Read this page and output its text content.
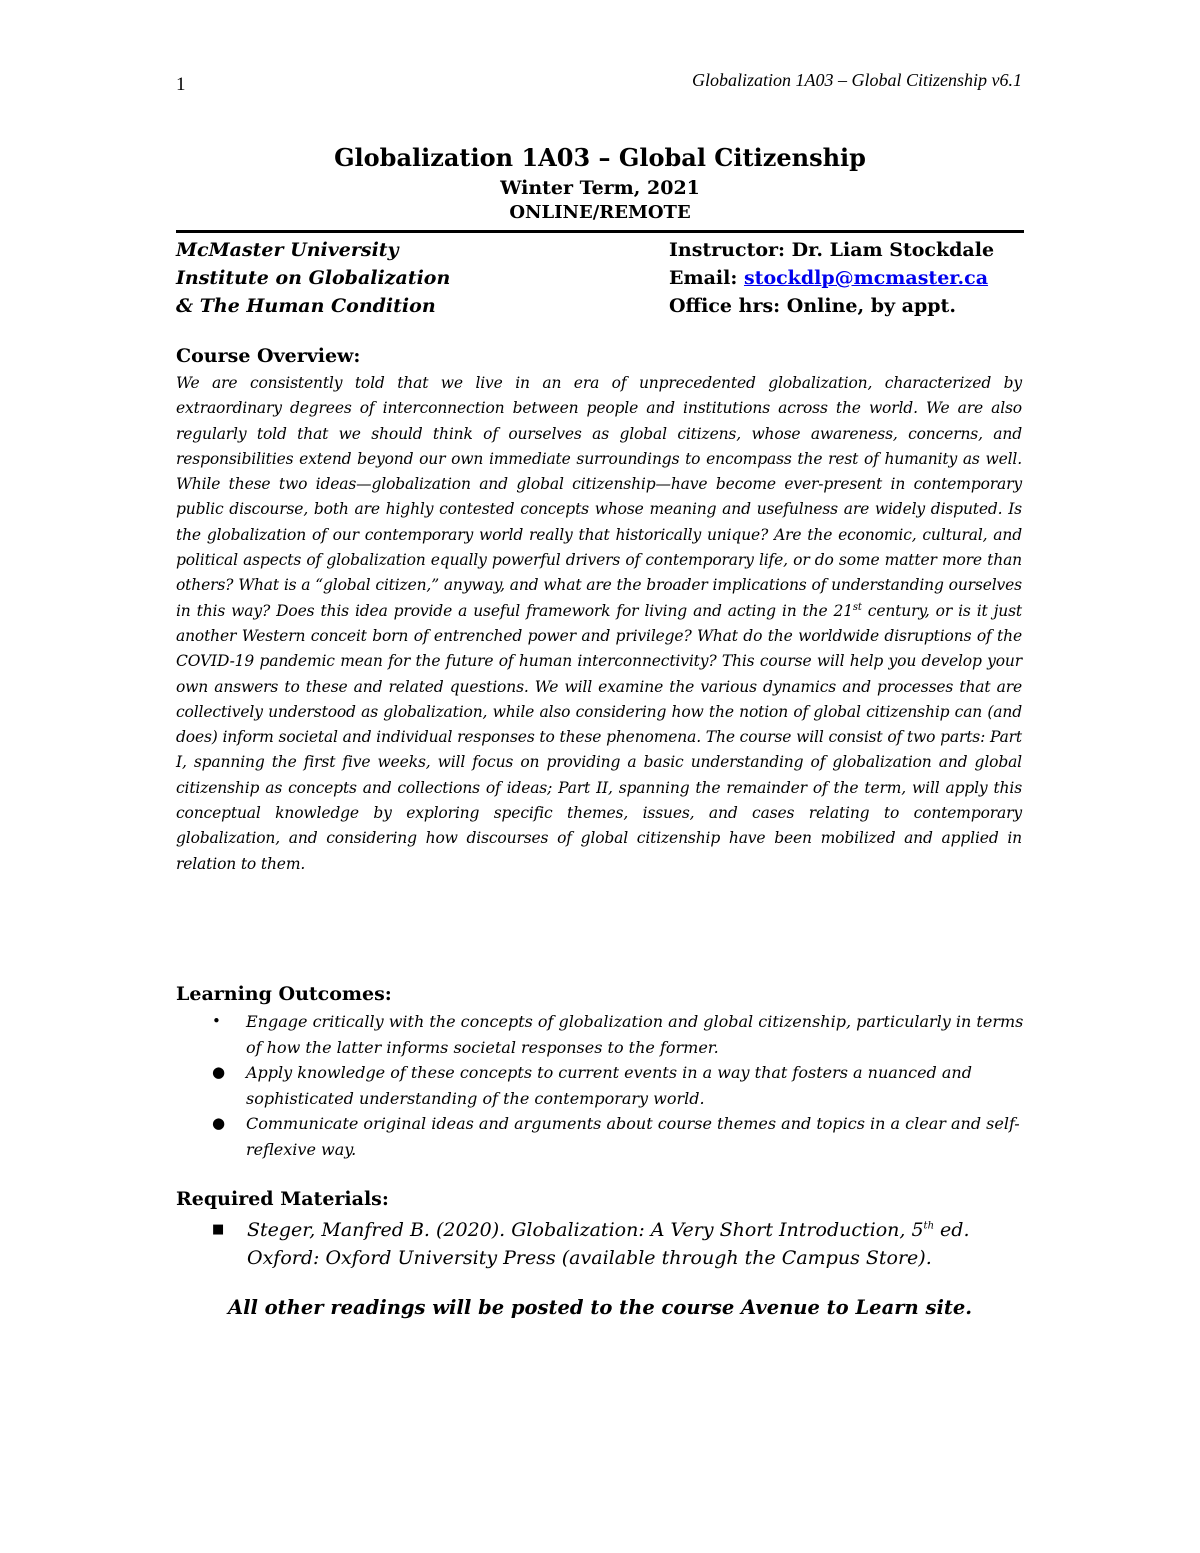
1	Globalization 1A03 – Global Citizenship v6.1
Globalization 1A03 – Global Citizenship
Winter Term, 2021
ONLINE/REMOTE
McMaster University
Institute on Globalization
& The Human Condition
Instructor: Dr. Liam Stockdale
Email: stockdlp@mcmaster.ca
Office hrs: Online, by appt.
Course Overview:
We are consistently told that we live in an era of unprecedented globalization, characterized by extraordinary degrees of interconnection between people and institutions across the world. We are also regularly told that we should think of ourselves as global citizens, whose awareness, concerns, and responsibilities extend beyond our own immediate surroundings to encompass the rest of humanity as well. While these two ideas—globalization and global citizenship—have become ever-present in contemporary public discourse, both are highly contested concepts whose meaning and usefulness are widely disputed. Is the globalization of our contemporary world really that historically unique? Are the economic, cultural, and political aspects of globalization equally powerful drivers of contemporary life, or do some matter more than others? What is a “global citizen,” anyway, and what are the broader implications of understanding ourselves in this way? Does this idea provide a useful framework for living and acting in the 21st century, or is it just another Western conceit born of entrenched power and privilege? What do the worldwide disruptions of the COVID-19 pandemic mean for the future of human interconnectivity? This course will help you develop your own answers to these and related questions. We will examine the various dynamics and processes that are collectively understood as globalization, while also considering how the notion of global citizenship can (and does) inform societal and individual responses to these phenomena. The course will consist of two parts: Part I, spanning the first five weeks, will focus on providing a basic understanding of globalization and global citizenship as concepts and collections of ideas; Part II, spanning the remainder of the term, will apply this conceptual knowledge by exploring specific themes, issues, and cases relating to contemporary globalization, and considering how discourses of global citizenship have been mobilized and applied in relation to them.
Learning Outcomes:
• Engage critically with the concepts of globalization and global citizenship, particularly in terms of how the latter informs societal responses to the former.
● Apply knowledge of these concepts to current events in a way that fosters a nuanced and sophisticated understanding of the contemporary world.
● Communicate original ideas and arguments about course themes and topics in a clear and self-reflexive way.
Required Materials:
■ Steger, Manfred B. (2020). Globalization: A Very Short Introduction, 5th ed. Oxford: Oxford University Press (available through the Campus Store).
All other readings will be posted to the course Avenue to Learn site.
